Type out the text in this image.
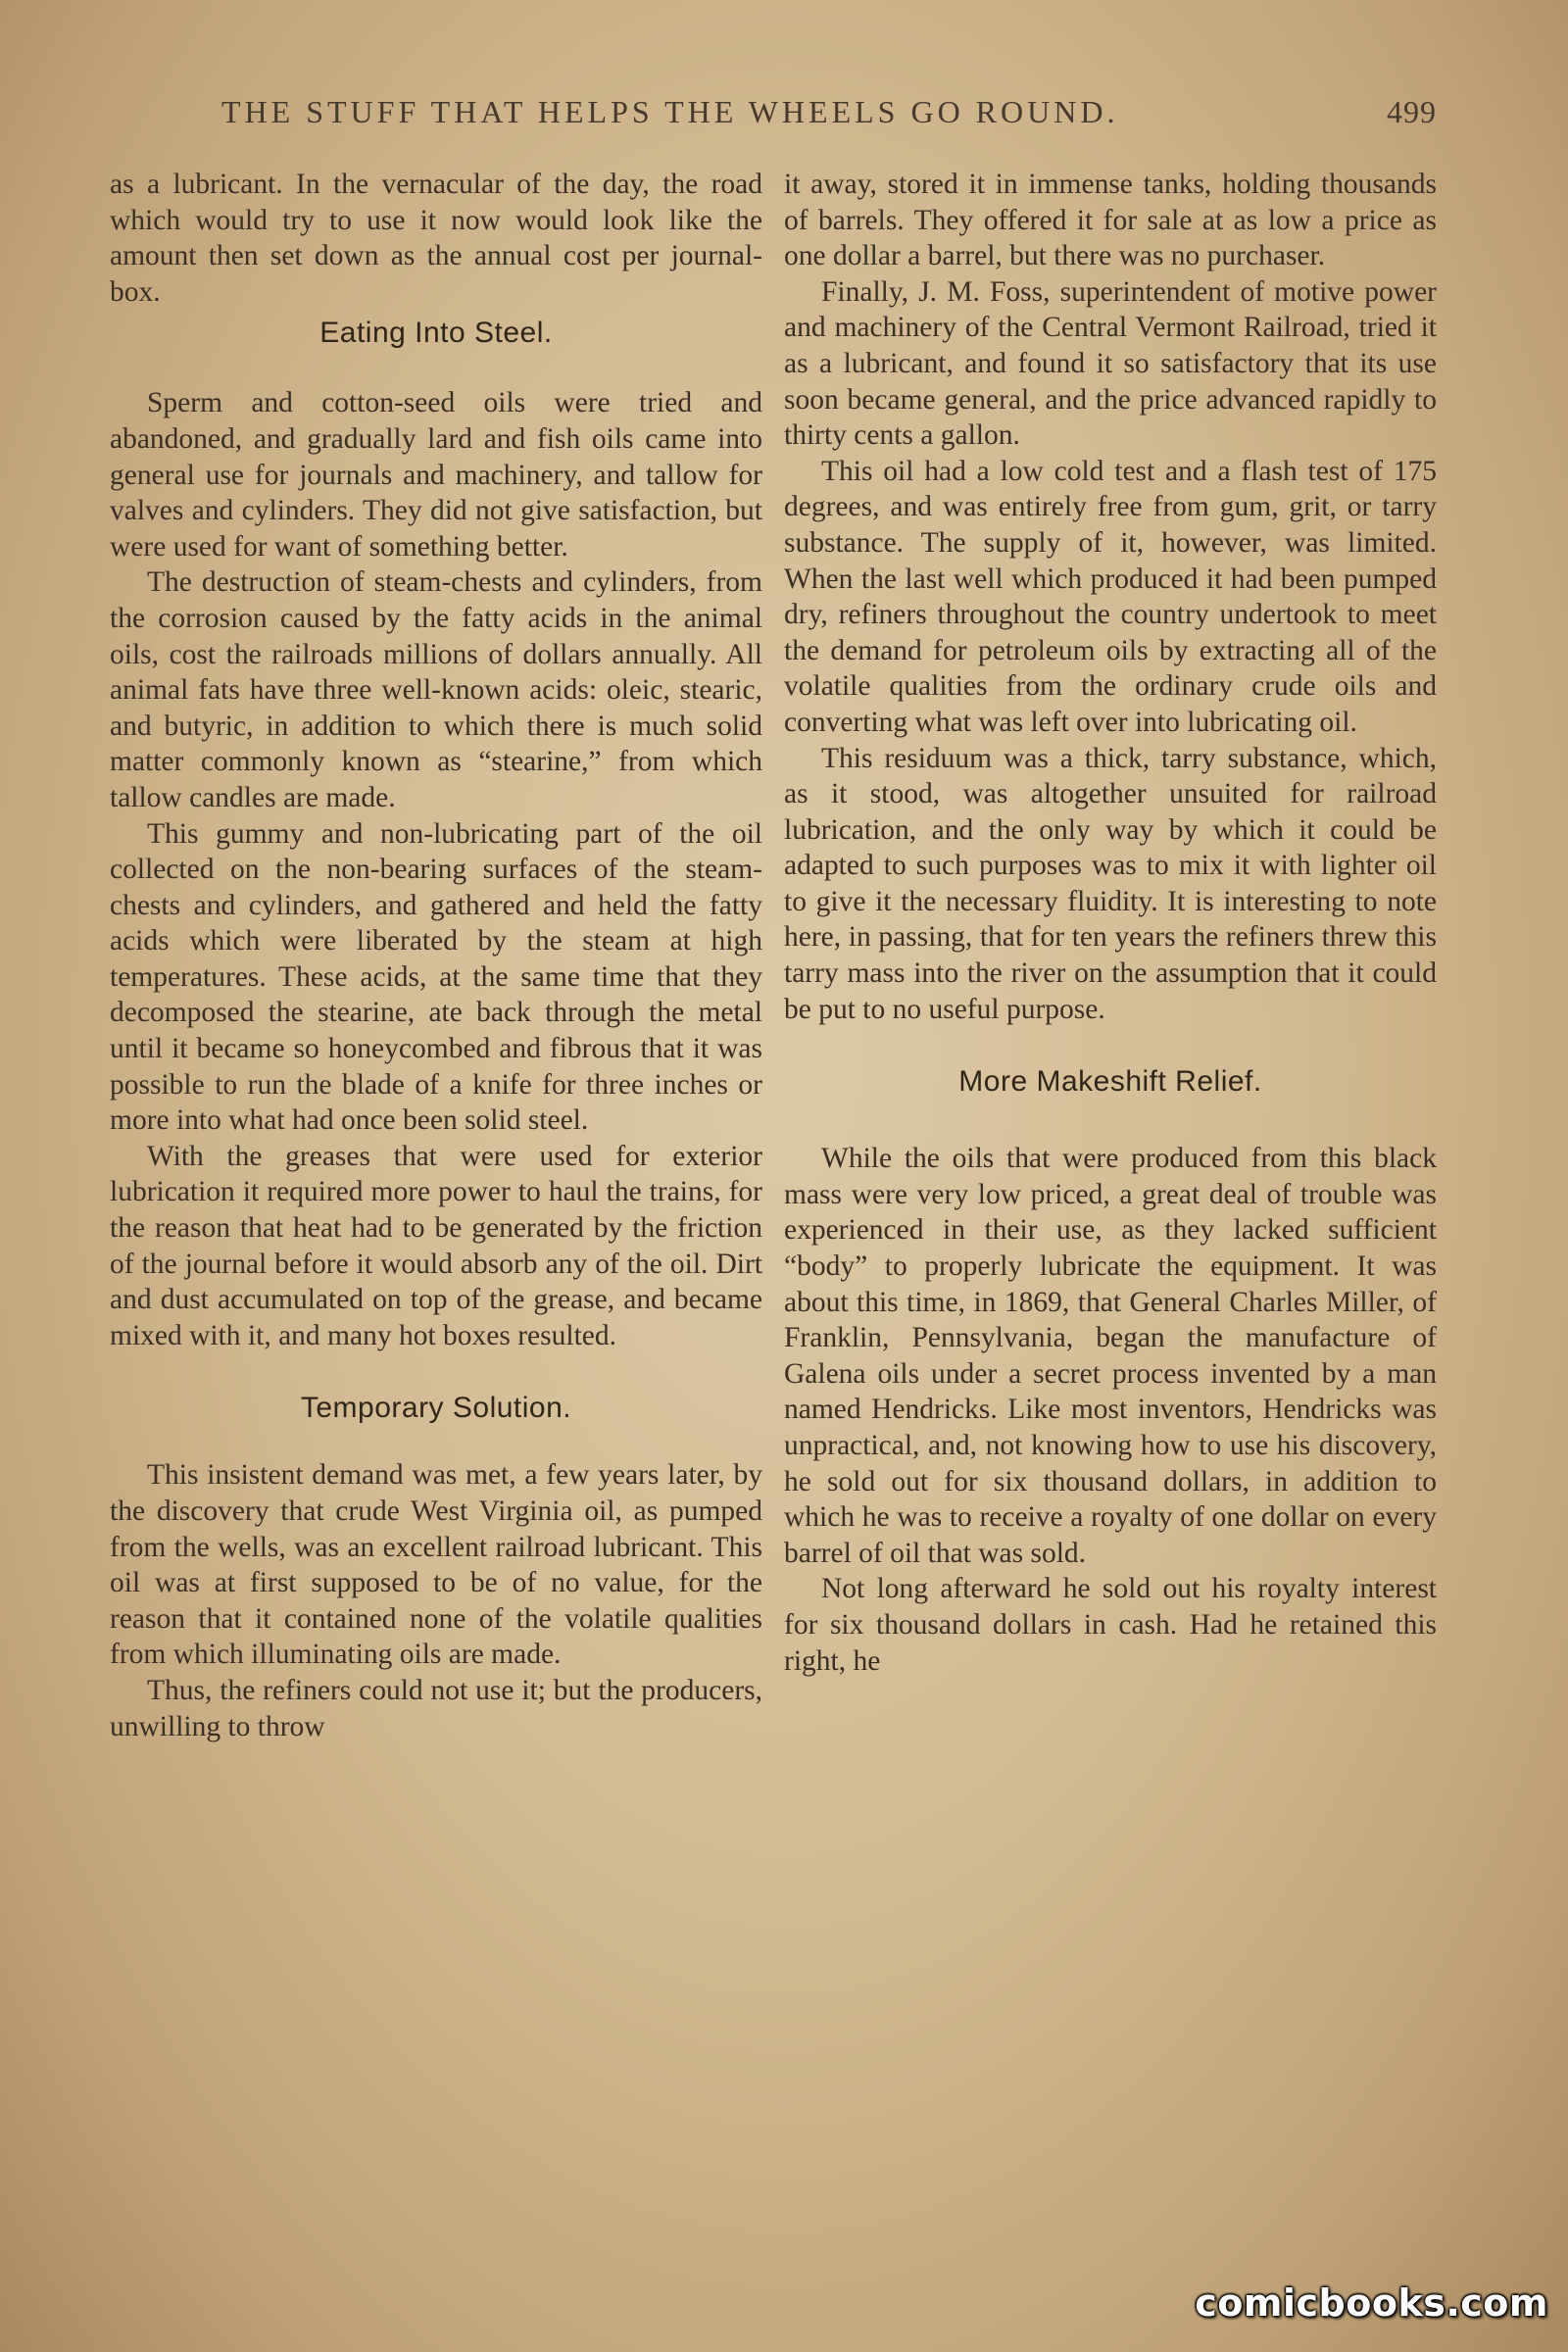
THE STUFF THAT HELPS THE WHEELS GO ROUND.	499

as a lubricant. In the vernacular of the day, the road which would try to use it now would look like the amount then set down as the annual cost per journal-box.

Eating Into Steel.

Sperm and cotton-seed oils were tried and abandoned, and gradually lard and fish oils came into general use for journals and machinery, and tallow for valves and cylinders. They did not give satisfaction, but were used for want of something better.

The destruction of steam-chests and cylinders, from the corrosion caused by the fatty acids in the animal oils, cost the railroads millions of dollars annually. All animal fats have three well-known acids: oleic, stearic, and butyric, in addition to which there is much solid matter commonly known as “stearine,” from which tallow candles are made.

This gummy and non-lubricating part of the oil collected on the non-bearing surfaces of the steam-chests and cylinders, and gathered and held the fatty acids which were liberated by the steam at high temperatures. These acids, at the same time that they decomposed the stearine, ate back through the metal until it became so honeycombed and fibrous that it was possible to run the blade of a knife for three inches or more into what had once been solid steel.

With the greases that were used for exterior lubrication it required more power to haul the trains, for the reason that heat had to be generated by the friction of the journal before it would absorb any of the oil. Dirt and dust accumulated on top of the grease, and became mixed with it, and many hot boxes resulted.

Temporary Solution.

This insistent demand was met, a few years later, by the discovery that crude West Virginia oil, as pumped from the wells, was an excellent railroad lubricant. This oil was at first supposed to be of no value, for the reason that it contained none of the volatile qualities from which illuminating oils are made.

Thus, the refiners could not use it; but the producers, unwilling to throw

it away, stored it in immense tanks, holding thousands of barrels. They offered it for sale at as low a price as one dollar a barrel, but there was no purchaser.

Finally, J. M. Foss, superintendent of motive power and machinery of the Central Vermont Railroad, tried it as a lubricant, and found it so satisfactory that its use soon became general, and the price advanced rapidly to thirty cents a gallon.

This oil had a low cold test and a flash test of 175 degrees, and was entirely free from gum, grit, or tarry substance. The supply of it, however, was limited. When the last well which produced it had been pumped dry, refiners throughout the country undertook to meet the demand for petroleum oils by extracting all of the volatile qualities from the ordinary crude oils and converting what was left over into lubricating oil.

This residuum was a thick, tarry substance, which, as it stood, was altogether unsuited for railroad lubrication, and the only way by which it could be adapted to such purposes was to mix it with lighter oil to give it the necessary fluidity. It is interesting to note here, in passing, that for ten years the refiners threw this tarry mass into the river on the assumption that it could be put to no useful purpose.

More Makeshift Relief.

While the oils that were produced from this black mass were very low priced, a great deal of trouble was experienced in their use, as they lacked sufficient “body” to properly lubricate the equipment. It was about this time, in 1869, that General Charles Miller, of Franklin, Pennsylvania, began the manufacture of Galena oils under a secret process invented by a man named Hendricks. Like most inventors, Hendricks was unpractical, and, not knowing how to use his discovery, he sold out for six thousand dollars, in addition to which he was to receive a royalty of one dollar on every barrel of oil that was sold.

Not long afterward he sold out his royalty interest for six thousand dollars in cash. Had he retained this right, he

comicbooks.com
